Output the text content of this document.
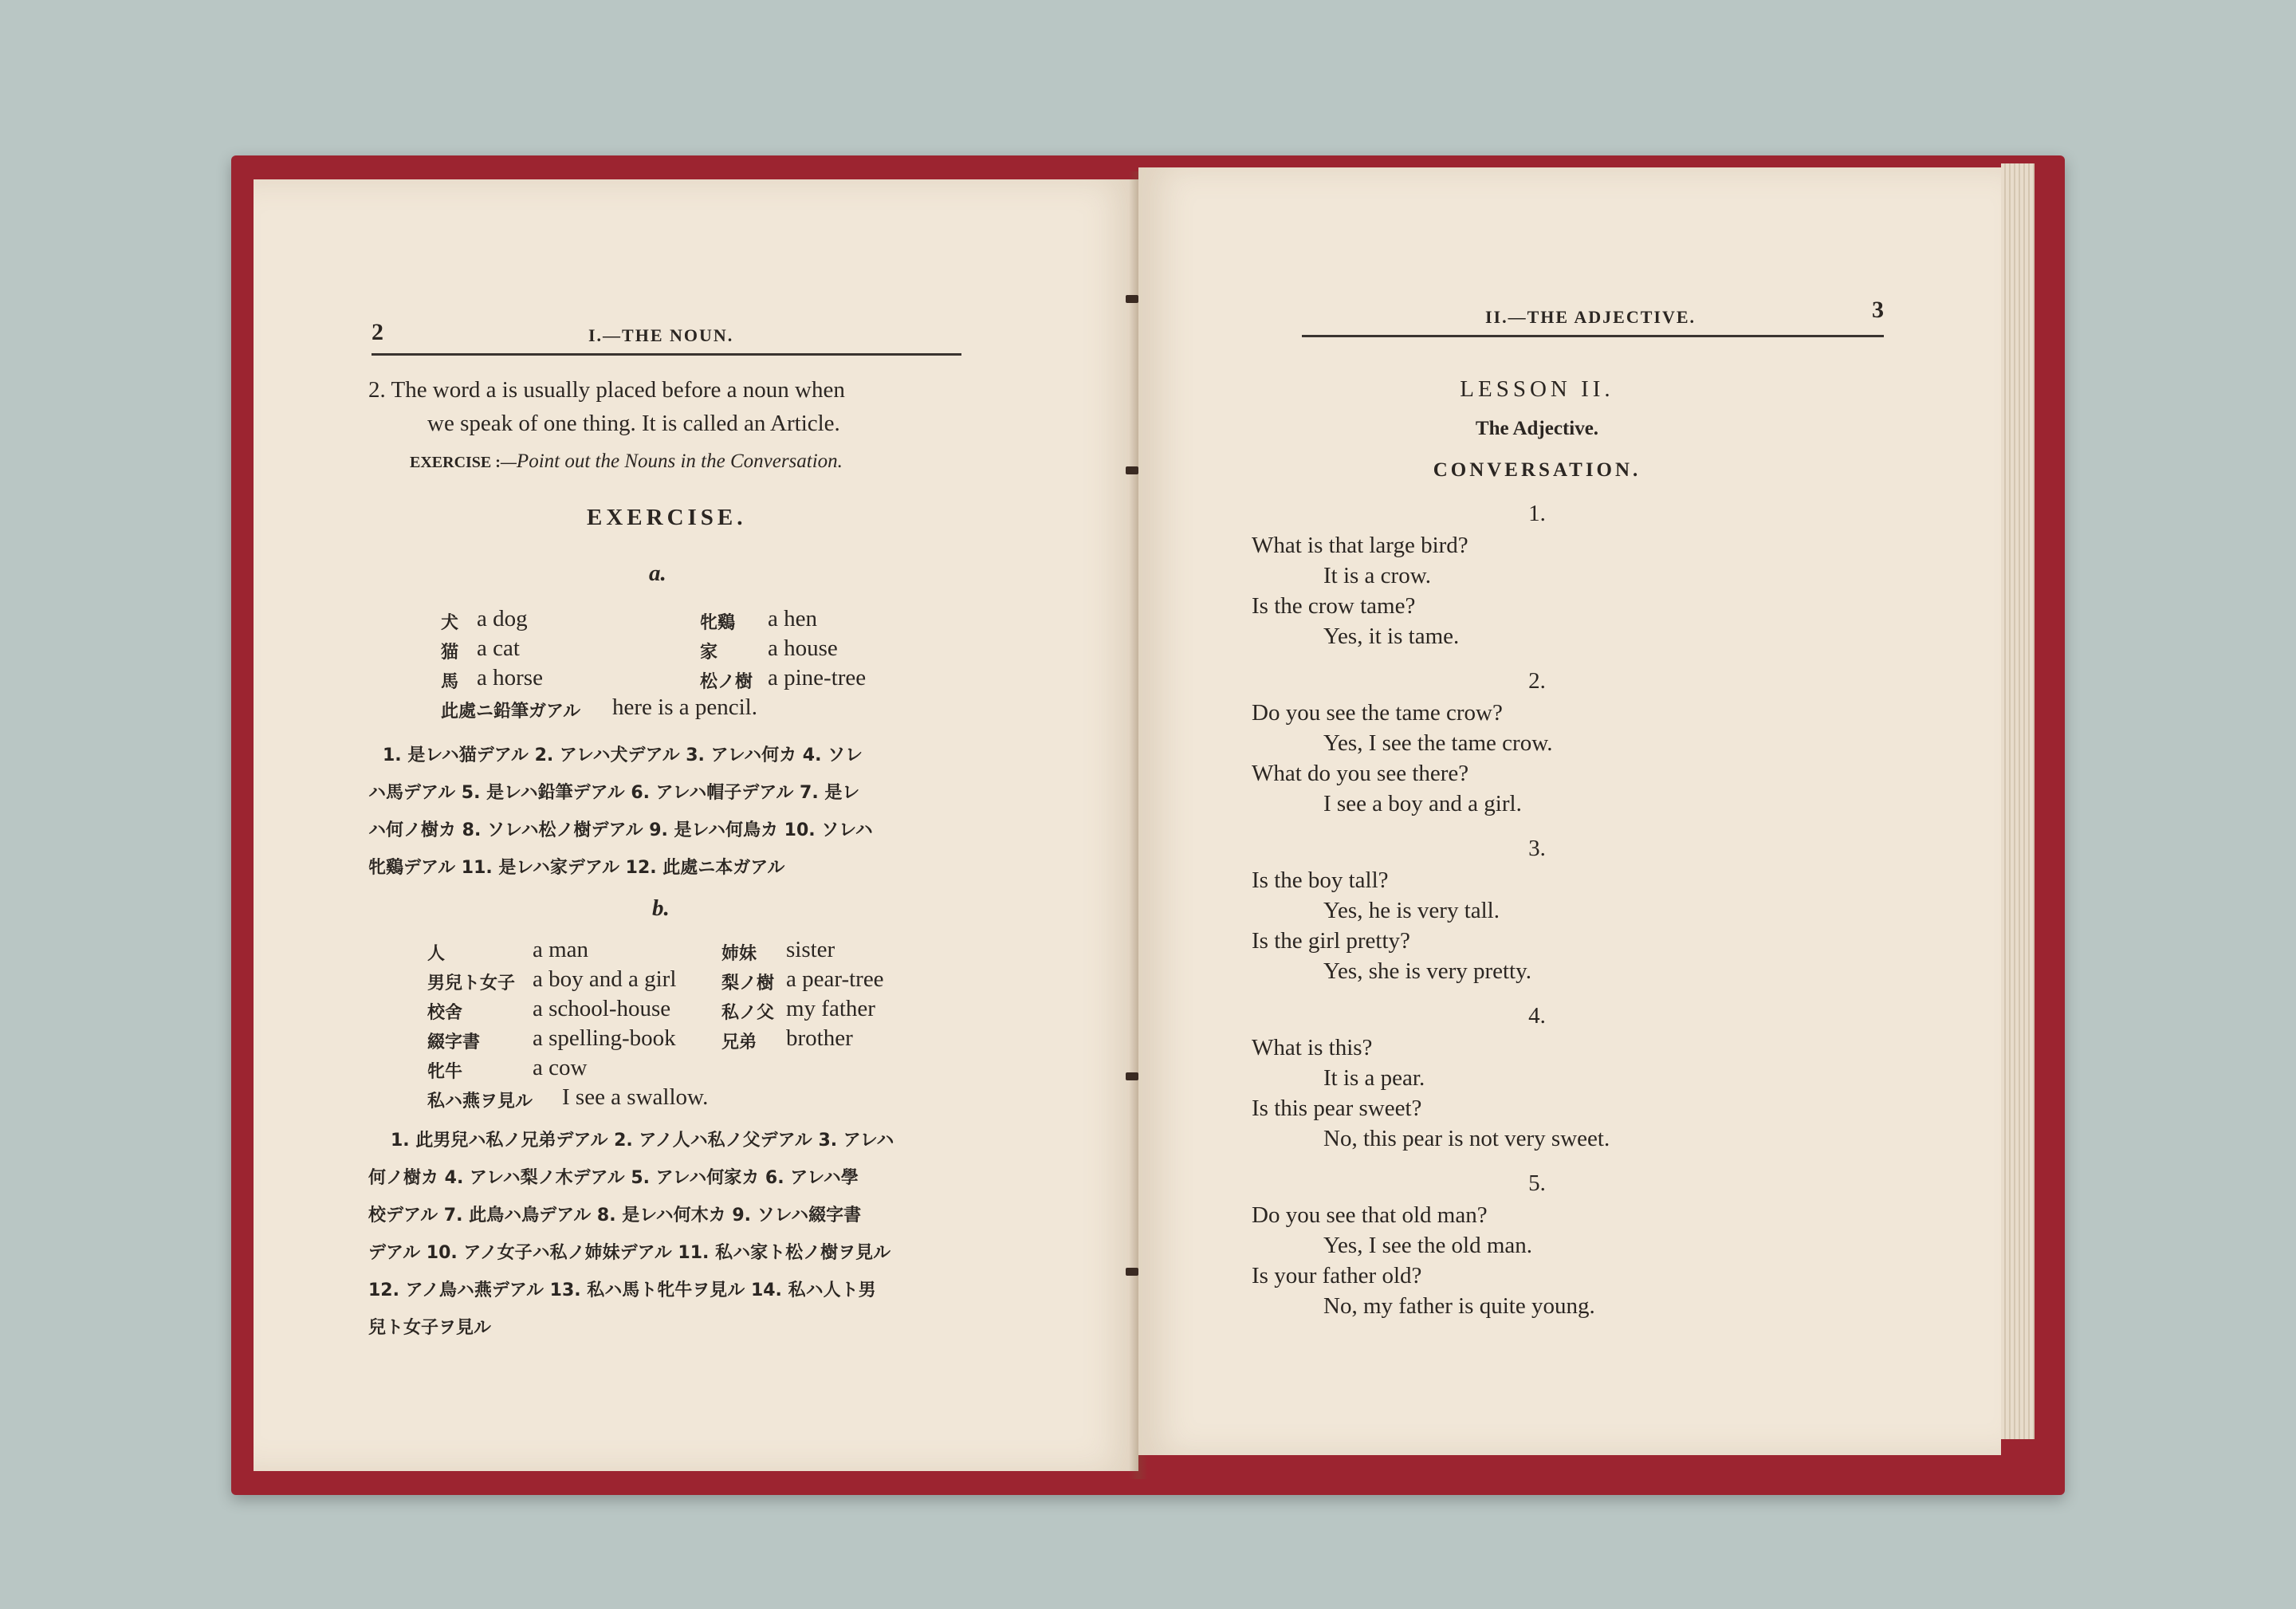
2	I.—THE NOUN.
2. The word a is usually placed before a noun when
we speak of one thing. It is called an Article.
EXERCISE :—Point out the Nouns in the Conversation.
EXERCISE.
a.
犬 a dog	牝鷄 a hen
猫 a cat	家 a house
馬 a horse	松ノ樹 a pine-tree
此處ニ鉛筆ガアル here is a pencil.
1. 是レハ猫デアル 2. アレハ犬デアル 3. アレハ何カ 4. ソレ
ハ馬デアル 5. 是レハ鉛筆デアル 6. アレハ帽子デアル 7. 是レ
ハ何ノ樹カ 8. ソレハ松ノ樹デアル 9. 是レハ何鳥カ 10. ソレハ
牝鷄デアル 11. 是レハ家デアル 12. 此處ニ本ガアル
b.
人	a man	姉妹 sister
男兒ト女子 a boy and a girl	梨ノ樹 a pear-tree
校舍	a school-house	私ノ父 my father
綴字書 a spelling-book	兄弟 brother
牝牛	a cow
私ハ燕ヲ見ル I see a swallow.
1. 此男兒ハ私ノ兄弟デアル 2. アノ人ハ私ノ父デアル 3. アレハ
何ノ樹カ 4. アレハ梨ノ木デアル 5. アレハ何家カ 6. アレハ學
校デアル 7. 此鳥ハ鳥デアル 8. 是レハ何木カ 9. ソレハ綴字書
デアル 10. アノ女子ハ私ノ姉妹デアル 11. 私ハ家ト松ノ樹ヲ見ル
12. アノ鳥ハ燕デアル 13. 私ハ馬ト牝牛ヲ見ル 14. 私ハ人ト男
兒ト女子ヲ見ル
II.—THE ADJECTIVE.	3
LESSON II.
The Adjective.
CONVERSATION.
1.
What is that large bird?
It is a crow.
Is the crow tame?
Yes, it is tame.
2.
Do you see the tame crow?
Yes, I see the tame crow.
What do you see there?
I see a boy and a girl.
3.
Is the boy tall?
Yes, he is very tall.
Is the girl pretty?
Yes, she is very pretty.
4.
What is this?
It is a pear.
Is this pear sweet?
No, this pear is not very sweet.
5.
Do you see that old man?
Yes, I see the old man.
Is your father old?
No, my father is quite young.
